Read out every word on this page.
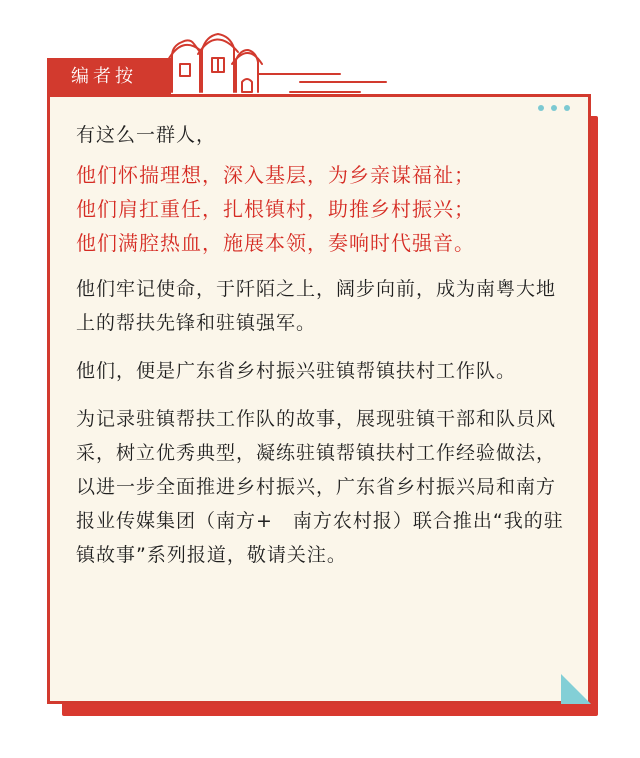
编者按

有这么一群人，

他们怀揣理想，深入基层，为乡亲谋福祉；

他们肩扛重任，扎根镇村，助推乡村振兴；

他们满腔热血，施展本领，奏响时代强音。

他们牢记使命，于阡陌之上，阔步向前，成为南粤大地上的帮扶先锋和驻镇强军。

他们，便是广东省乡村振兴驻镇帮镇扶村工作队。

为记录驻镇帮扶工作队的故事，展现驻镇干部和队员风采，树立优秀典型，凝练驻镇帮镇扶村工作经验做法，以进一步全面推进乡村振兴，广东省乡村振兴局和南方报业传媒集团（南方+　南方农村报）联合推出“我的驻镇故事”系列报道，敬请关注。
